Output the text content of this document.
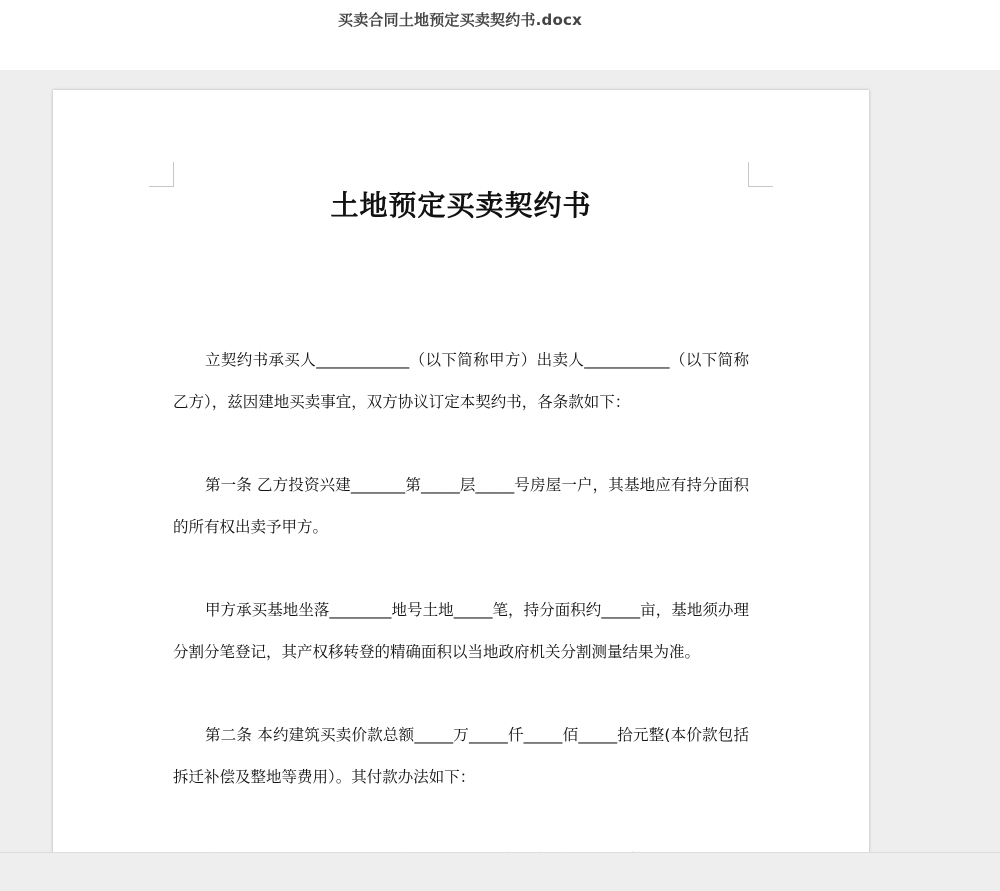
买卖合同土地预定买卖契约书.docx
土地预定买卖契约书

立契约书承买人____________（以下简称甲方）出卖人___________（以下简称乙方），兹因建地买卖事宜，双方协议订定本契约书，各条款如下：

第一条 乙方投资兴建_______第_____层_____号房屋一户，其基地应有持分面积的所有权出卖予甲方。

甲方承买基地坐落________地号土地_____笔，持分面积约_____亩，基地须办理分割分笔登记，其产权移转登的精确面积以当地政府机关分割测量结果为准。

第二条 本约建筑买卖价款总额_____万_____仟_____佰_____拾元整(本价款包括拆迁补偿及整地等费用）。其付款办法如下：
